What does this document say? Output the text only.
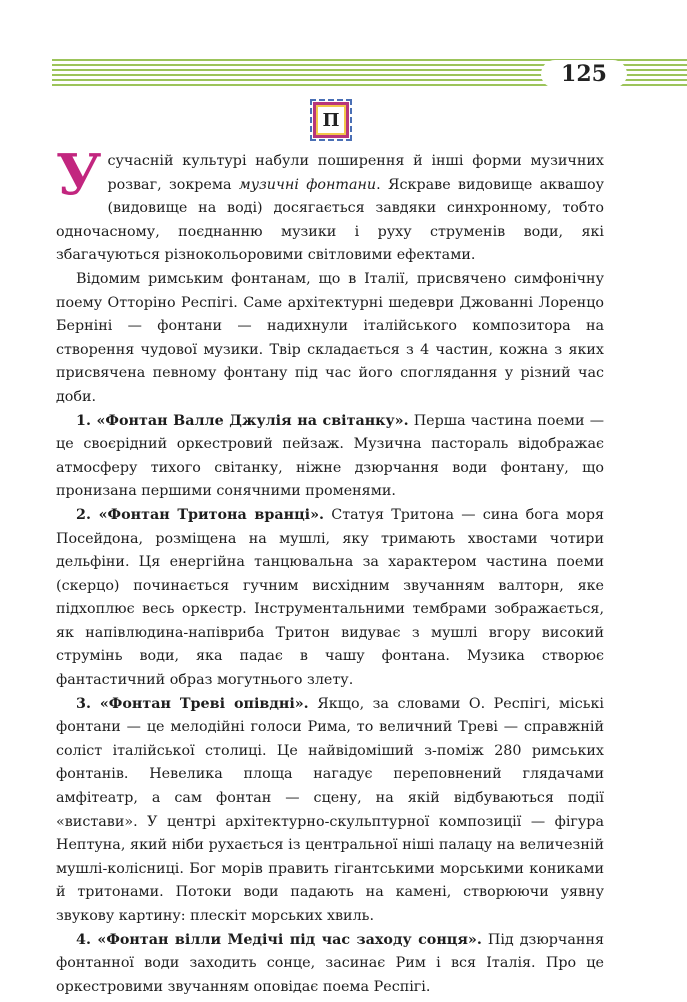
125
П

У сучасній культурі набули поширення й інші форми музичних розваг, зокрема музичні фонтани. Яскраве видовище аквашоу (видовище на воді) досягається завдяки синхронному, тобто одночасному, поєднанню музики і руху струменів води, які збагачуються різнокольоровими світловими ефектами.

Відомим римським фонтанам, що в Італії, присвячено симфонічну поему Отторіно Респігі. Саме архітектурні шедеври Джованні Лоренцо Берніні — фонтани — надихнули італійського композитора на створення чудової музики. Твір складається з 4 частин, кожна з яких присвячена певному фонтану під час його споглядання у різний час доби.

1. «Фонтан Валле Джулія на світанку». Перша частина поеми — це своєрідний оркестровий пейзаж. Музична пастораль відображає атмосферу тихого світанку, ніжне дзюрчання води фонтану, що пронизана першими сонячними променями.

2. «Фонтан Тритона вранці». Статуя Тритона — сина бога моря Посейдона, розміщена на мушлі, яку тримають хвостами чотири дельфіни. Ця енергійна танцювальна за характером частина поеми (скерцо) починається гучним висхідним звучанням валторн, яке підхоплює весь оркестр. Інструментальними тембрами зображається, як напівлюдина-напівриба Тритон видуває з мушлі вгору високий струмінь води, яка падає в чашу фонтана. Музика створює фантастичний образ могутнього злету.

3. «Фонтан Треві опівдні». Якщо, за словами О. Респігі, міські фонтани — це мелодійні голоси Рима, то величний Треві — справжній соліст італійської столиці. Це найвідоміший з-поміж 280 римських фонтанів. Невелика площа нагадує переповнений глядачами амфітеатр, а сам фонтан — сцену, на якій відбуваються події «вистави». У центрі архітектурно-скульптурної композиції — фігура Нептуна, який ніби рухається із центральної ніші палацу на величезній мушлі-колісниці. Бог морів править гігантськими морськими кониками й тритонами. Потоки води падають на камені, створюючи уявну звукову картину: плескіт морських хвиль.

4. «Фонтан вілли Медічі під час заходу сонця». Під дзюрчання фонтанної води заходить сонце, засинає Рим і вся Італія. Про це оркестровими звучанням оповідає поема Респігі.
